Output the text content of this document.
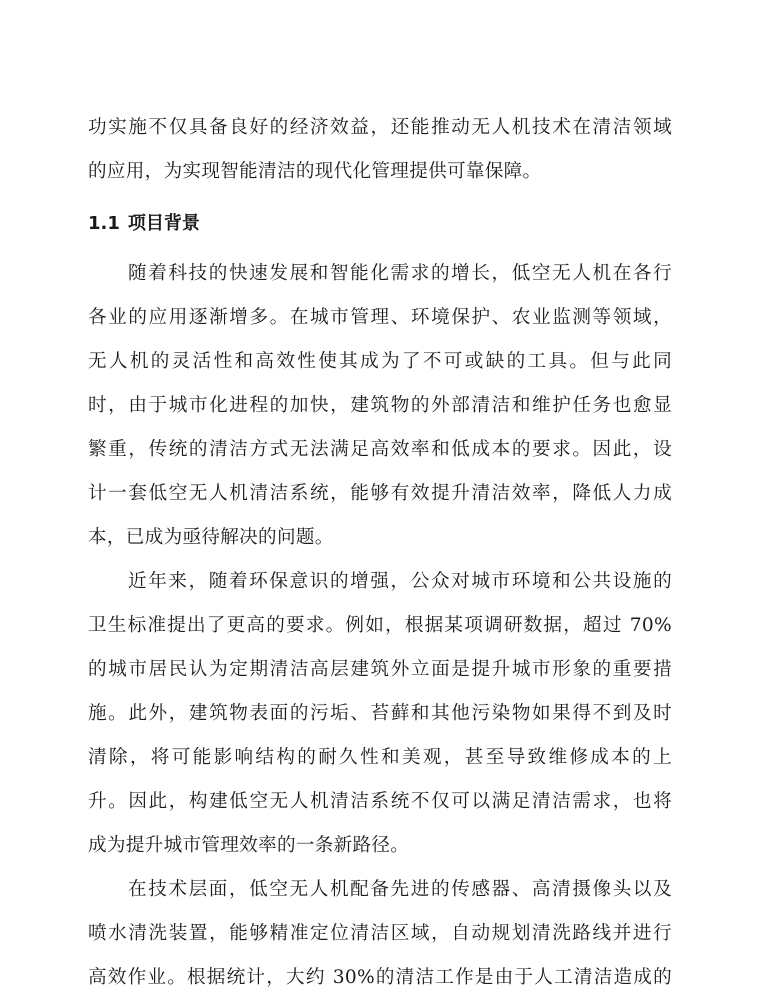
功实施不仅具备良好的经济效益，还能推动无人机技术在清洁领域
的应用，为实现智能清洁的现代化管理提供可靠保障。
1.1 项目背景
随着科技的快速发展和智能化需求的增长，低空无人机在各行
各业的应用逐渐增多。在城市管理、环境保护、农业监测等领域，
无人机的灵活性和高效性使其成为了不可或缺的工具。但与此同
时，由于城市化进程的加快，建筑物的外部清洁和维护任务也愈显
繁重，传统的清洁方式无法满足高效率和低成本的要求。因此，设
计一套低空无人机清洁系统，能够有效提升清洁效率，降低人力成
本，已成为亟待解决的问题。
近年来，随着环保意识的增强，公众对城市环境和公共设施的
卫生标准提出了更高的要求。例如，根据某项调研数据，超过 70%
的城市居民认为定期清洁高层建筑外立面是提升城市形象的重要措
施。此外，建筑物表面的污垢、苔藓和其他污染物如果得不到及时
清除，将可能影响结构的耐久性和美观，甚至导致维修成本的上
升。因此，构建低空无人机清洁系统不仅可以满足清洁需求，也将
成为提升城市管理效率的一条新路径。
在技术层面，低空无人机配备先进的传感器、高清摄像头以及
喷水清洗装置，能够精准定位清洁区域，自动规划清洗路线并进行
高效作业。根据统计，大约 30%的清洁工作是由于人工清洁造成的
